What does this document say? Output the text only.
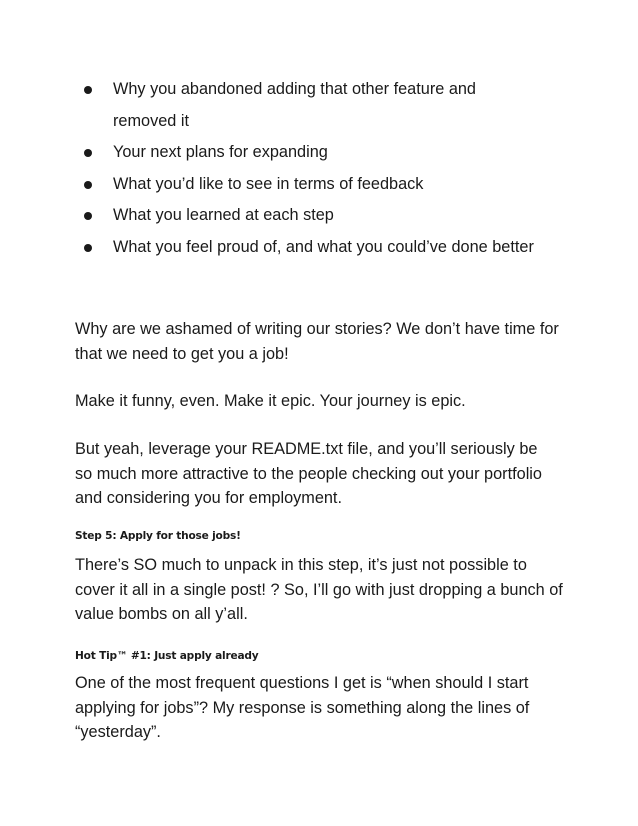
Why you abandoned adding that other feature and removed it
Your next plans for expanding
What you’d like to see in terms of feedback
What you learned at each step
What you feel proud of, and what you could’ve done better

Why are we ashamed of writing our stories? We don’t have time for that we need to get you a job!

Make it funny, even. Make it epic. Your journey is epic.

But yeah, leverage your README.txt file, and you’ll seriously be so much more attractive to the people checking out your portfolio and considering you for employment.

Step 5: Apply for those jobs!

There’s SO much to unpack in this step, it’s just not possible to cover it all in a single post! ? So, I’ll go with just dropping a bunch of value bombs on all y’all.

Hot Tip™ #1: Just apply already

One of the most frequent questions I get is “when should I start applying for jobs”? My response is something along the lines of “yesterday”.
